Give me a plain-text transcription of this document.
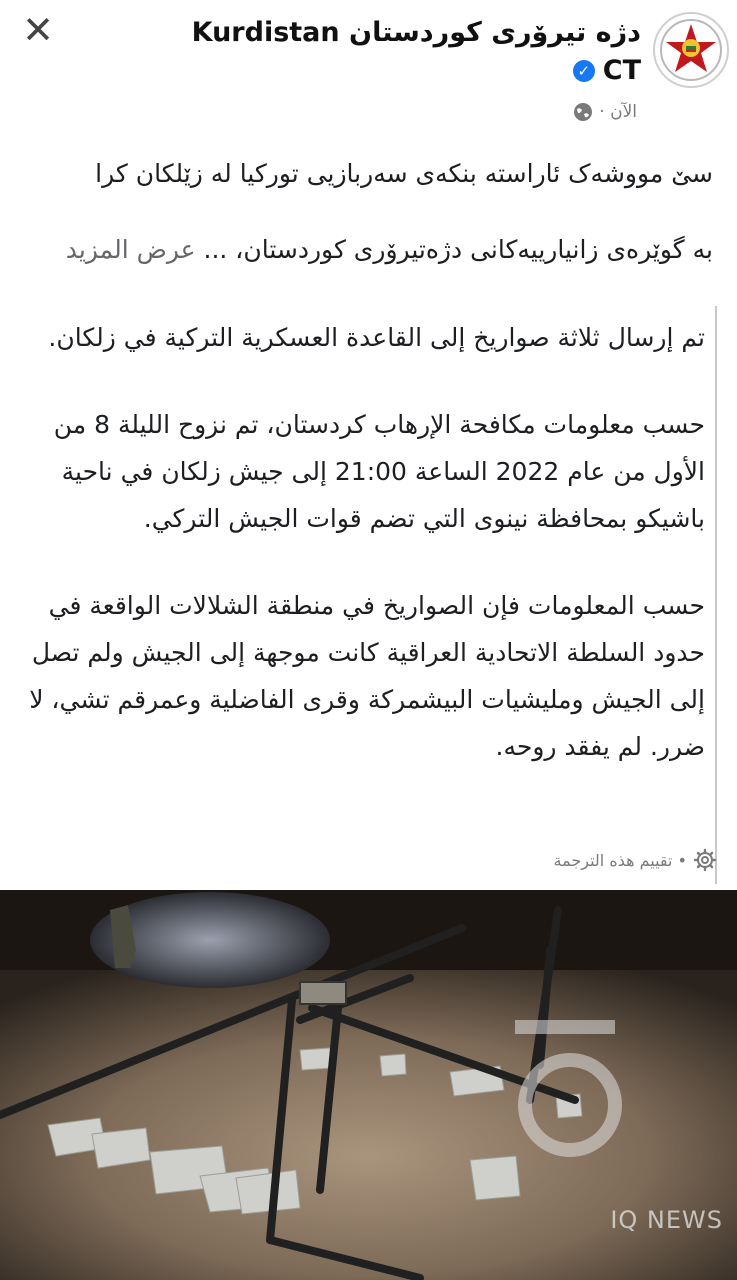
✕	دژە تیرۆری کوردستان Kurdistan
CT
✓
الآن ·

سێ مووشەک ئاراستە بنکەی سەربازیی تورکیا لە زێلکان کرا

بە گوێرەی زانیارییەکانی دژەتیرۆری کوردستان، ... عرض المزيد

تم إرسال ثلاثة صواريخ إلى القاعدة العسكرية التركية في زلكان.

حسب معلومات مكافحة الإرهاب كردستان، تم نزوح الليلة 8 من الأول من عام 2022 الساعة 21:00 إلى جيش زلكان في ناحية باشيكو بمحافظة نينوى التي تضم قوات الجيش التركي.

حسب المعلومات فإن الصواريخ في منطقة الشلالات الواقعة في حدود السلطة الاتحادية العراقية كانت موجهة إلى الجيش ولم تصل إلى الجيش ومليشيات البيشمركة وقرى الفاضلية وعمرقم تشي، لا ضرر. لم يفقد روحه.

• تقييم هذه الترجمة
IQ NEWS
